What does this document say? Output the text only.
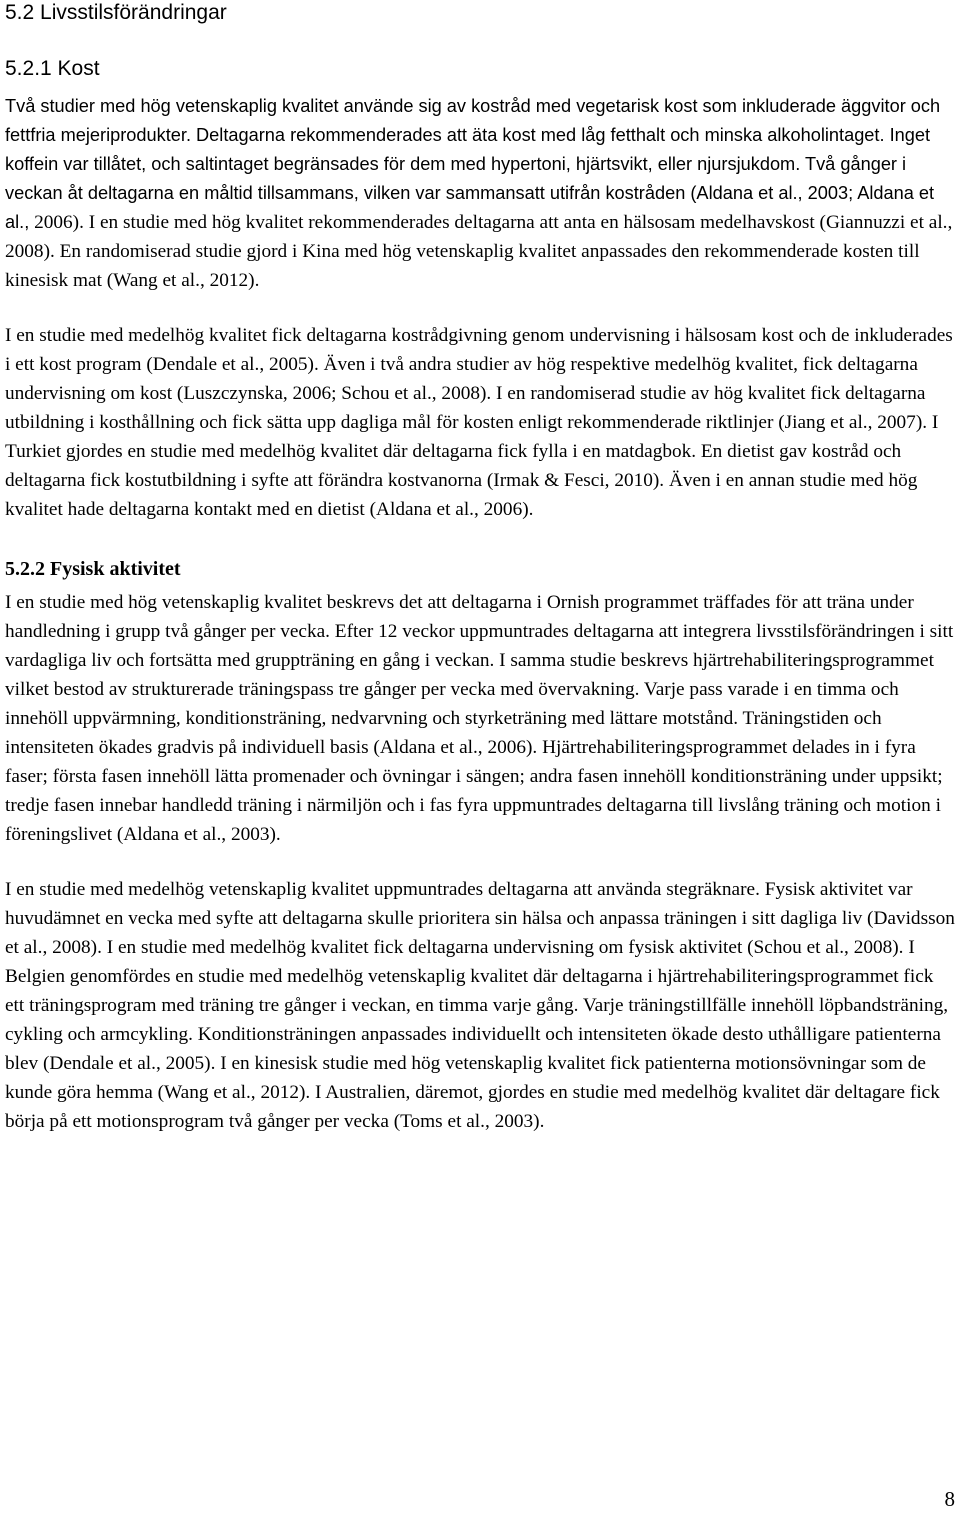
5.2 Livsstilsförändringar
5.2.1 Kost

Två studier med hög vetenskaplig kvalitet använde sig av kostråd med vegetarisk kost som inkluderade äggvitor och fettfria mejeriprodukter. Deltagarna rekommenderades att äta kost med låg fetthalt och minska alkoholintaget. Inget koffein var tillåtet, och saltintaget begränsades för dem med hypertoni, hjärtsvikt, eller njursjukdom. Två gånger i veckan åt deltagarna en måltid tillsammans, vilken var sammansatt utifrån kostråden (Aldana et al., 2003; Aldana et al., 2006). I en studie med hög kvalitet rekommenderades deltagarna att anta en hälsosam medelhavskost (Giannuzzi et al., 2008). En randomiserad studie gjord i Kina med hög vetenskaplig kvalitet anpassades den rekommenderade kosten till kinesisk mat (Wang et al., 2012).

I en studie med medelhög kvalitet fick deltagarna kostrådgivning genom undervisning i hälsosam kost och de inkluderades i ett kost program (Dendale et al., 2005). Även i två andra studier av hög respektive medelhög kvalitet, fick deltagarna undervisning om kost (Luszczynska, 2006; Schou et al., 2008). I en randomiserad studie av hög kvalitet fick deltagarna utbildning i kosthållning och fick sätta upp dagliga mål för kosten enligt rekommenderade riktlinjer (Jiang et al., 2007). I Turkiet gjordes en studie med medelhög kvalitet där deltagarna fick fylla i en matdagbok. En dietist gav kostråd och deltagarna fick kostutbildning i syfte att förändra kostvanorna (Irmak & Fesci, 2010). Även i en annan studie med hög kvalitet hade deltagarna kontakt med en dietist (Aldana et al., 2006).

5.2.2 Fysisk aktivitet

I en studie med hög vetenskaplig kvalitet beskrevs det att deltagarna i Ornish programmet träffades för att träna under handledning i grupp två gånger per vecka. Efter 12 veckor uppmuntrades deltagarna att integrera livsstilsförändringen i sitt vardagliga liv och fortsätta med gruppträning en gång i veckan. I samma studie beskrevs hjärtrehabiliteringsprogrammet vilket bestod av strukturerade träningspass tre gånger per vecka med övervakning. Varje pass varade i en timma och innehöll uppvärmning, konditionsträning, nedvarvning och styrketräning med lättare motstånd. Träningstiden och intensiteten ökades gradvis på individuell basis (Aldana et al., 2006). Hjärtrehabiliteringsprogrammet delades in i fyra faser; första fasen innehöll lätta promenader och övningar i sängen; andra fasen innehöll konditionsträning under uppsikt; tredje fasen innebar handledd träning i närmiljön och i fas fyra uppmuntrades deltagarna till livslång träning och motion i föreningslivet (Aldana et al., 2003).

I en studie med medelhög vetenskaplig kvalitet uppmuntrades deltagarna att använda stegräknare. Fysisk aktivitet var huvudämnet en vecka med syfte att deltagarna skulle prioritera sin hälsa och anpassa träningen i sitt dagliga liv (Davidsson et al., 2008). I en studie med medelhög kvalitet fick deltagarna undervisning om fysisk aktivitet (Schou et al., 2008). I Belgien genomfördes en studie med medelhög vetenskaplig kvalitet där deltagarna i hjärtrehabiliteringsprogrammet fick ett träningsprogram med träning tre gånger i veckan, en timma varje gång. Varje träningstillfälle innehöll löpbandsträning, cykling och armcykling. Konditionsträningen anpassades individuellt och intensiteten ökade desto uthålligare patienterna blev (Dendale et al., 2005). I en kinesisk studie med hög vetenskaplig kvalitet fick patienterna motionsövningar som de kunde göra hemma (Wang et al., 2012). I Australien, däremot, gjordes en studie med medelhög kvalitet där deltagare fick börja på ett motionsprogram två gånger per vecka (Toms et al., 2003).

8
